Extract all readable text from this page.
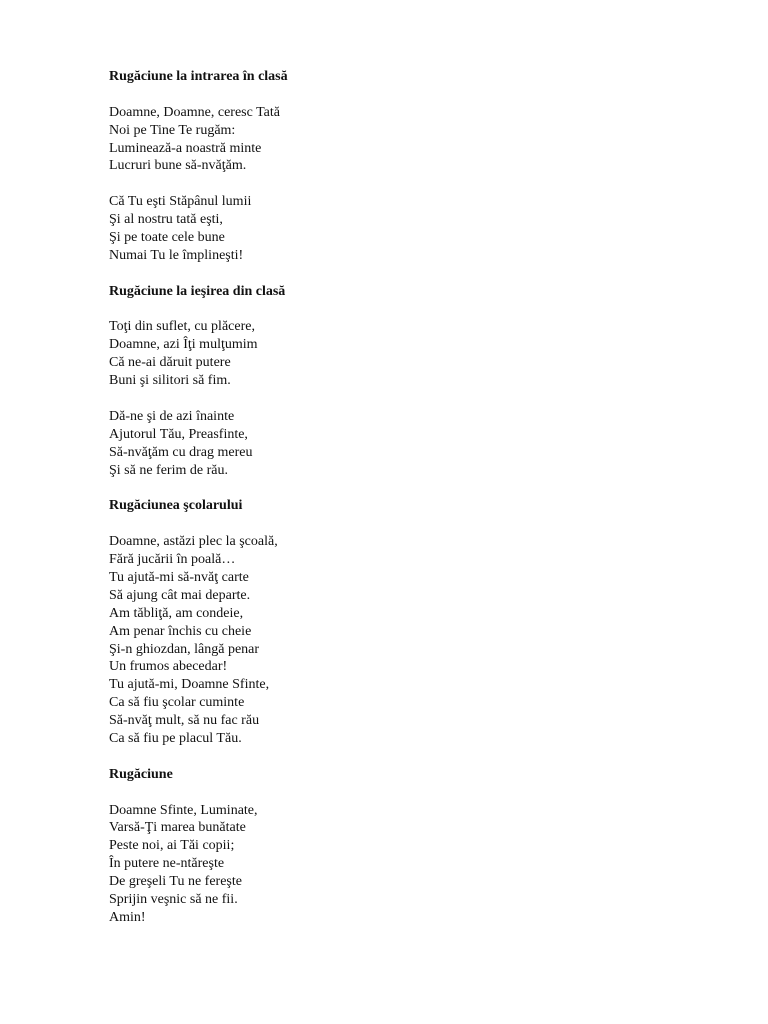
Rugăciune la intrarea în clasă
Doamne, Doamne, ceresc Tată
Noi pe Tine Te rugăm:
Luminează-a noastră minte
Lucruri bune să-nvăţăm.
Că Tu eşti Stăpânul lumii
Şi al nostru tată eşti,
Şi pe toate cele bune
Numai Tu le împlineşti!
Rugăciune la ieşirea din clasă
Toţi din suflet, cu plăcere,
Doamne, azi Îţi mulţumim
Că ne-ai dăruit putere
Buni şi silitori să fim.
Dă-ne şi de azi înainte
Ajutorul Tău, Preasfinte,
Să-nvăţăm cu drag mereu
Şi să ne ferim de rău.
Rugăciunea şcolarului
Doamne, astăzi plec la şcoală,
Fără jucării în poală…
Tu ajută-mi să-nvăţ carte
Să ajung cât mai departe.
Am tăbliţă, am condeie,
Am penar închis cu cheie
Şi-n ghiozdan, lângă penar
Un frumos abecedar!
Tu ajută-mi, Doamne Sfinte,
Ca să fiu şcolar cuminte
Să-nvăţ mult, să nu fac rău
Ca să fiu pe placul Tău.
Rugăciune
Doamne Sfinte, Luminate,
Varsă-Ţi marea bunătate
Peste noi, ai Tăi copii;
În putere ne-ntăreşte
De greşeli Tu ne fereşte
Sprijin veşnic să ne fii.
Amin!
